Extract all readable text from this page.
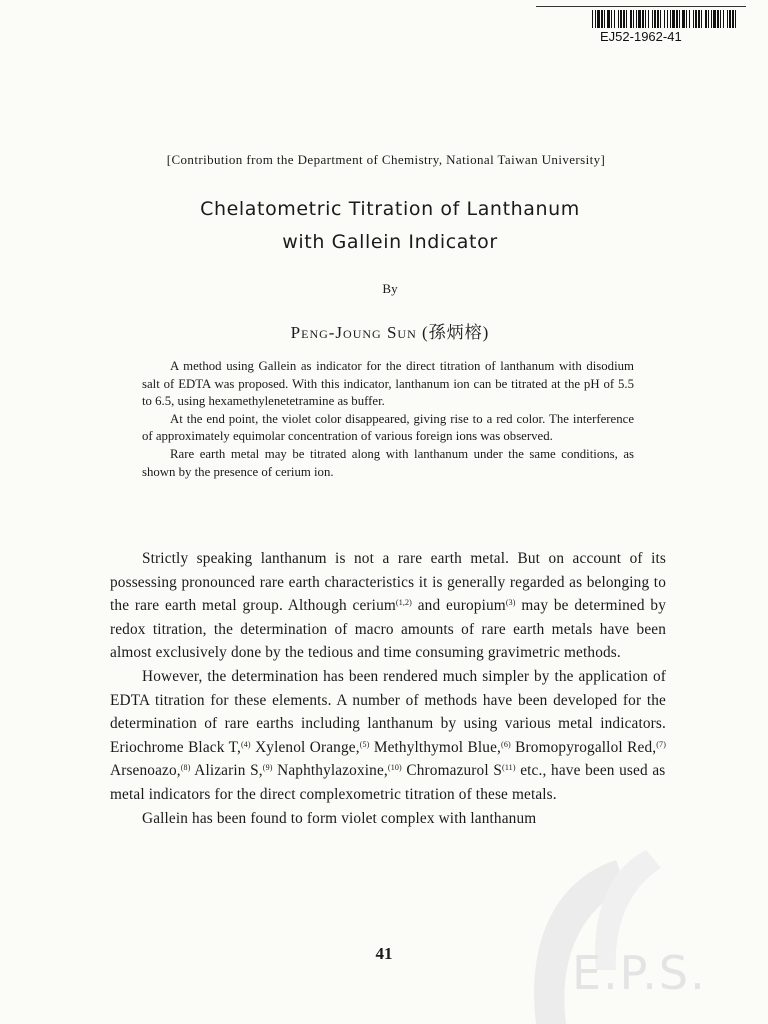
EJ52-1962-41
[Contribution from the Department of Chemistry, National Taiwan University]
Chelatometric Titration of Lanthanum
with Gallein Indicator
By
Peng-Joung Sun (孫炳榕)

A method using Gallein as indicator for the direct titration of lanthanum with disodium salt of EDTA was proposed. With this indicator, lanthanum ion can be titrated at the pH of 5.5 to 6.5, using hexamethylenetetramine as buffer.

At the end point, the violet color disappeared, giving rise to a red color. The interference of approximately equimolar concentration of various foreign ions was observed.

Rare earth metal may be titrated along with lanthanum under the same conditions, as shown by the presence of cerium ion.

Strictly speaking lanthanum is not a rare earth metal. But on account of its possessing pronounced rare earth characteristics it is generally regarded as belonging to the rare earth metal group. Although cerium$^{(1,2)}$ and europium$^{(3)}$ may be determined by redox titration, the determination of macro amounts of rare earth metals have been almost exclusively done by the tedious and time consuming gravimetric methods.

However, the determination has been rendered much simpler by the application of EDTA titration for these elements. A number of methods have been developed for the determination of rare earths including lanthanum by using various metal indicators. Eriochrome Black T,$^{(4)}$ Xylenol Orange,$^{(5)}$ Methylthymol Blue,$^{(6)}$ Bromopyrogallol Red,$^{(7)}$ Arsenoazo,$^{(8)}$ Alizarin S,$^{(9)}$ Naphthylazoxine,$^{(10)}$ Chromazurol $S^{(11)}$ etc., have been used as metal indicators for the direct complexometric titration of these metals.

Gallein has been found to form violet complex with lanthanum

41	E.P.S.
